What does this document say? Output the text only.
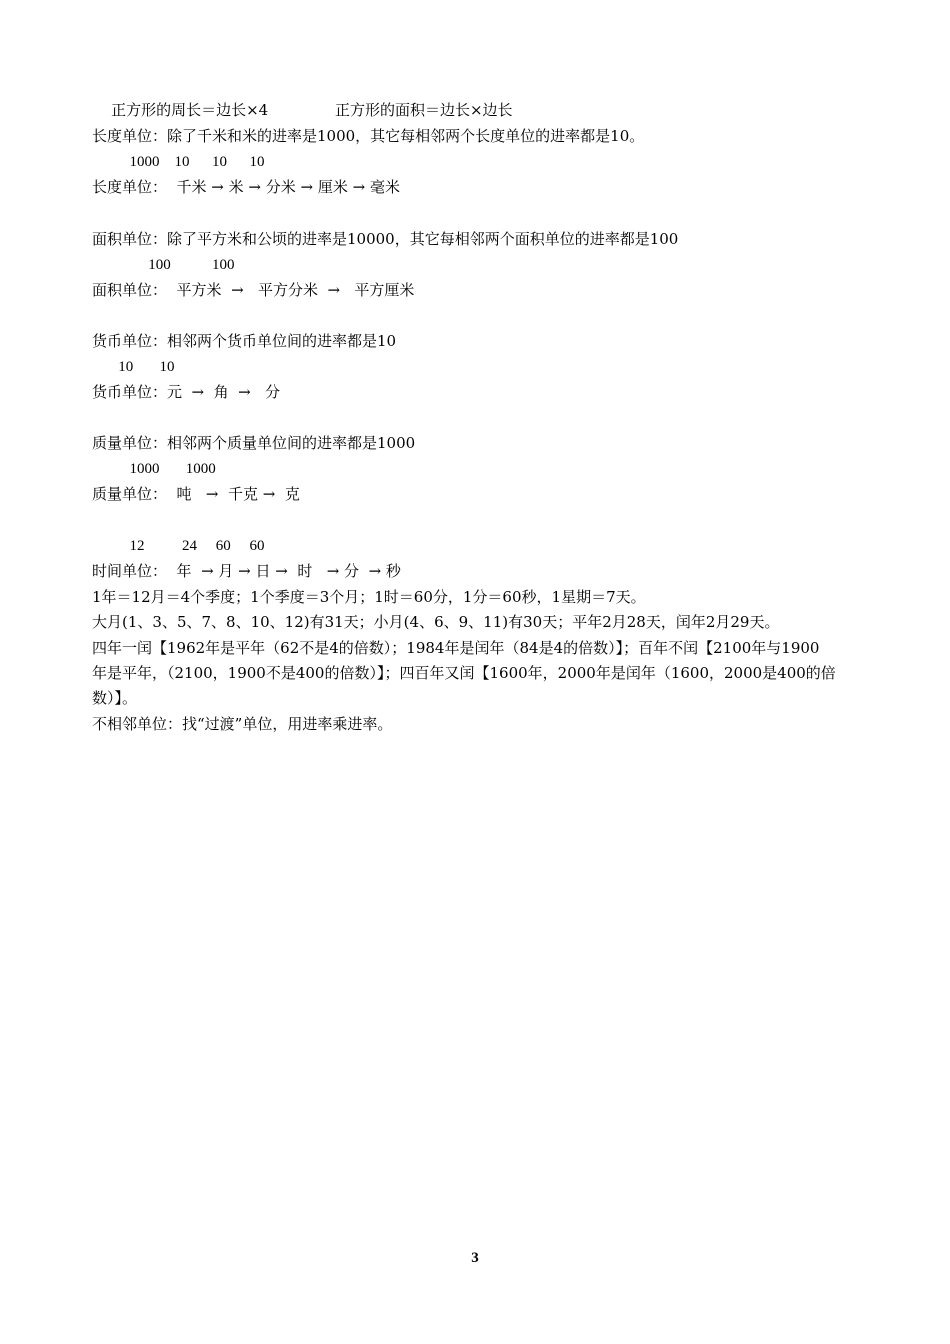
正方形的周长＝边长×4              正方形的面积＝边长×边长
长度单位：除了千米和米的进率是1000，其它每相邻两个长度单位的进率都是10。
1000    10      10      10
长度单位：  千米 → 米 → 分米 → 厘米 → 毫米
面积单位：除了平方米和公顷的进率是10000，其它每相邻两个面积单位的进率都是100
100           100
面积单位：  平方米  →   平方分米  →   平方厘米
货币单位：相邻两个货币单位间的进率都是10
10       10
货币单位：元  →  角  →   分
质量单位：相邻两个质量单位间的进率都是1000
1000       1000
质量单位：  吨   →  千克 →  克
12          24     60     60
时间单位：  年  → 月 → 日 →  时   → 分  → 秒
1年＝12月＝4个季度；1个季度＝3个月；1时＝60分，1分＝60秒，1星期＝7天。
大月(1、3、5、7、8、10、12)有31天；小月(4、6、9、11)有30天；平年2月28天，闰年2月29天。
四年一闰【1962年是平年（62不是4的倍数）；1984年是闰年（84是4的倍数）】；百年不闰【2100年与1900
年是平年，（2100，1900不是400的倍数）】；四百年又闰【1600年，2000年是闰年（1600，2000是400的倍
数）】。
不相邻单位：找“过渡”单位，用进率乘进率。
3
